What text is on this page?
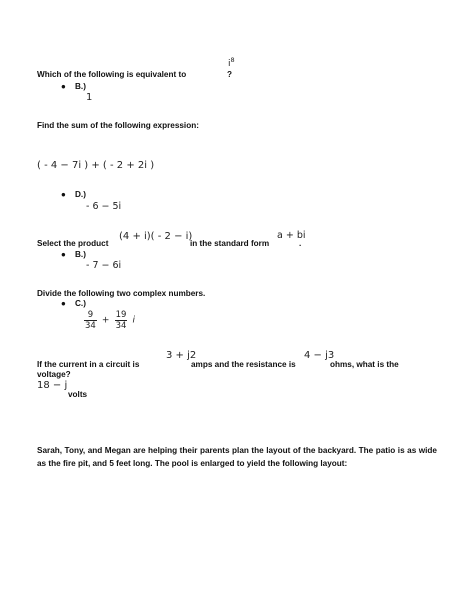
$i^8$
Which of the following is equivalent to	?
● B.)
1
Find the sum of the following expression:
( - 4 − 7i ) + ( - 2 + 2i )
● D.)
- 6 − 5i
Select the product
(4 + i)( - 2 − i)
in the standard form
a + bi
.
● B.)
- 7 − 6i
Divide the following two complex numbers.
● C.)
$\frac{9}{34} + \frac{19}{34}$ i
If the current in a circuit is
3 + j2
amps and the resistance is
4 − j3
ohms, what is the
voltage?
18 − j
volts
Sarah, Tony, and Megan are helping their parents plan the layout of the backyard. The patio is as wide as the fire pit, and 5 feet long. The pool is enlarged to yield the following layout:
